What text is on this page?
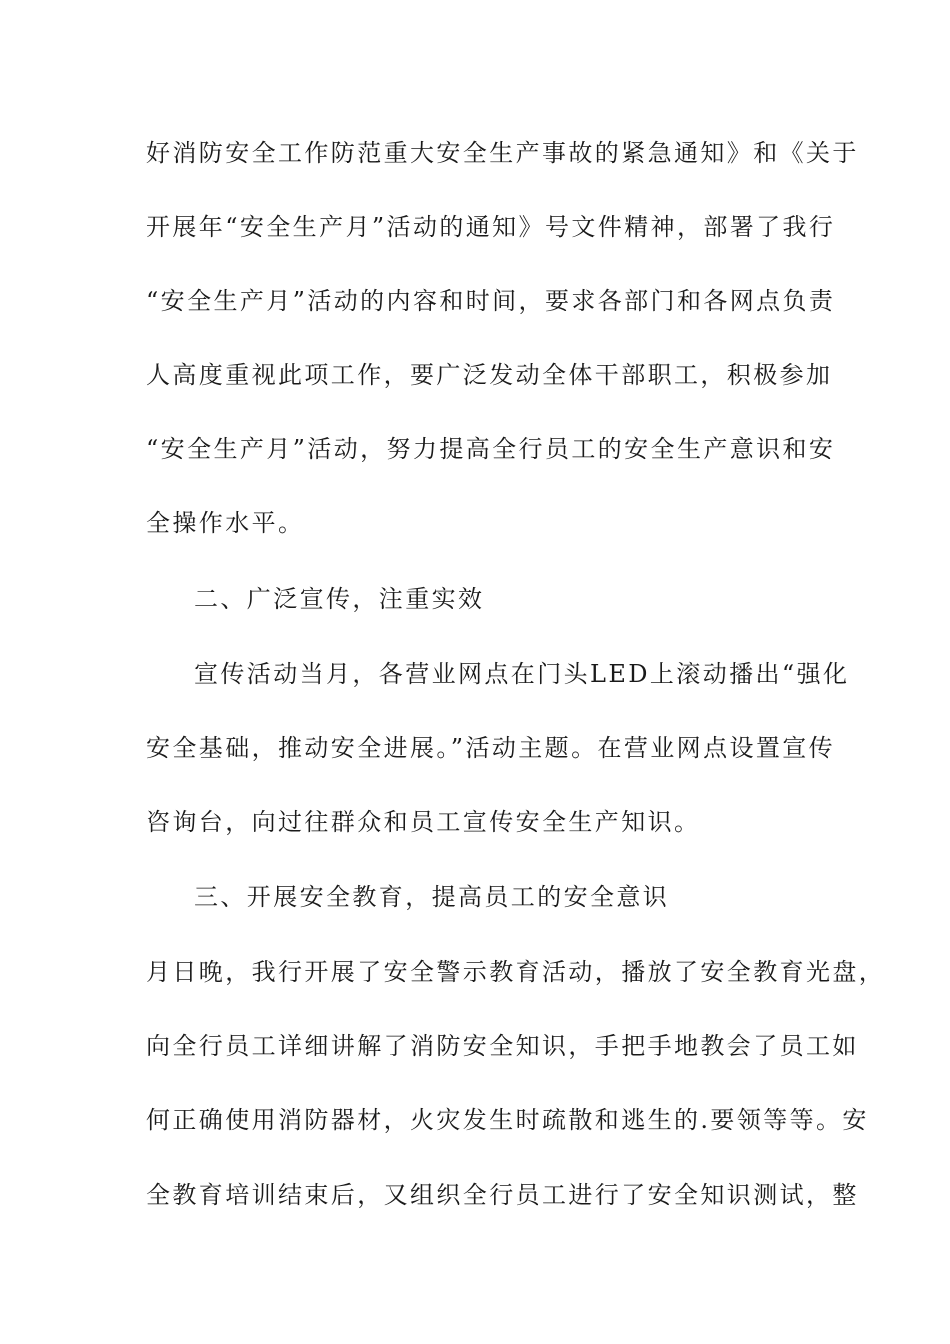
好消防安全工作防范重大安全生产事故的紧急通知》和《关于
开展年“安全生产月”活动的通知》号文件精神，部署了我行
“安全生产月”活动的内容和时间，要求各部门和各网点负责
人高度重视此项工作，要广泛发动全体干部职工，积极参加
“安全生产月”活动，努力提高全行员工的安全生产意识和安
全操作水平。
二、广泛宣传，注重实效
宣传活动当月，各营业网点在门头LED上滚动播出“强化
安全基础，推动安全进展。”活动主题。在营业网点设置宣传
咨询台，向过往群众和员工宣传安全生产知识。
三、开展安全教育，提高员工的安全意识
月日晚，我行开展了安全警示教育活动，播放了安全教育光盘，
向全行员工详细讲解了消防安全知识，手把手地教会了员工如
何正确使用消防器材，火灾发生时疏散和逃生的.要领等等。安
全教育培训结束后，又组织全行员工进行了安全知识测试，整
